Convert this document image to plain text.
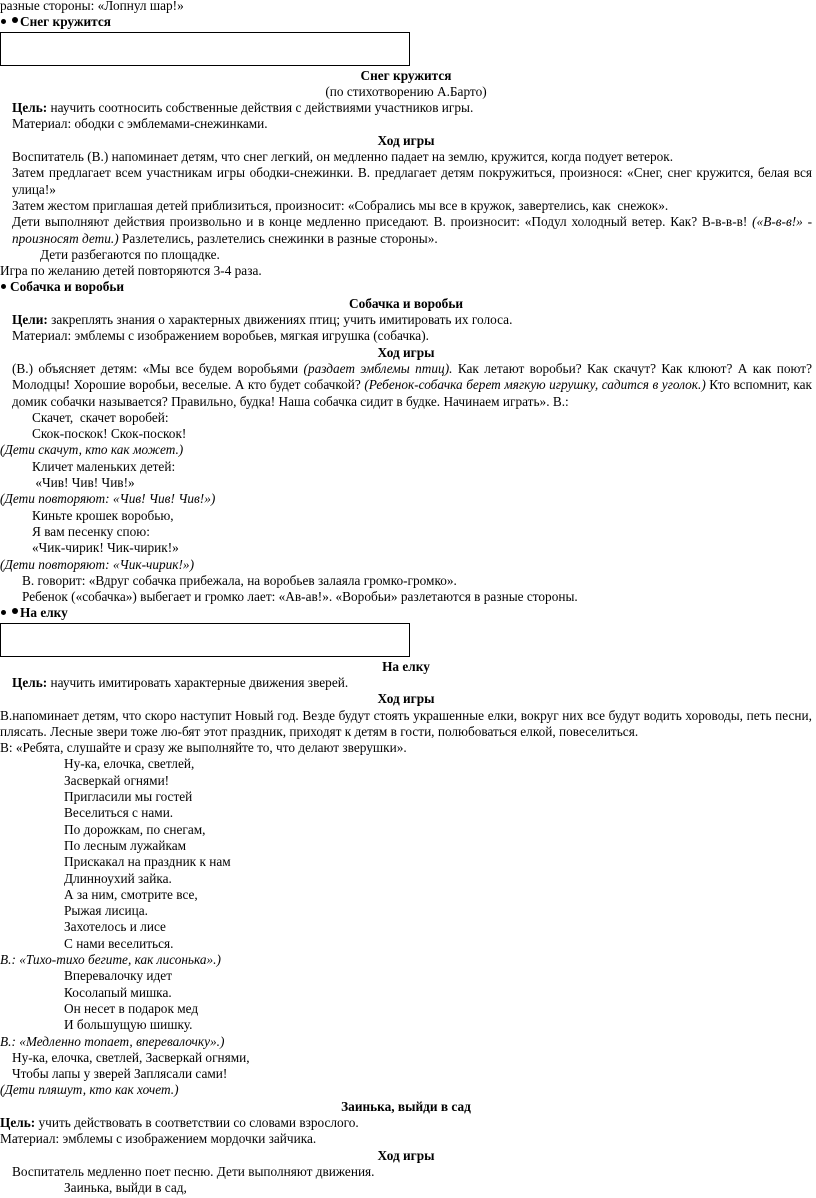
разные стороны: «Лопнул шар!»
Снег кружится
Снег кружится
(по стихотворению А.Барто)
Цель: научить соотносить собственные действия с действиями участников игры.
Материал: ободки с эмблемами-снежинками.
Ход игры
Воспитатель (В.) напоминает детям, что снег легкий, он медленно падает на землю, кружится, когда подует ветерок.
Затем предлагает всем участникам игры ободки-снежинки. В. предлагает детям покружиться, произнося: «Снег, снег кружится, белая вся улица!»
Затем жестом приглашая детей приблизиться, произносит: «Собрались мы все в кружок, завертелись, как  снежок».
Дети выполняют действия произвольно и в конце медленно приседают. В. произносит: «Подул холодный ветер. Как? В-в-в-в! («В-в-в!» - произносят дети.) Разлетелись, разлетелись снежинки в разные стороны».
Дети разбегаются по площадке.
Игра по желанию детей повторяются 3-4 раза.
Собачка и воробьи
Собачка и воробьи
Цели: закреплять знания о характерных движениях птиц; учить имитировать их голоса.
Материал: эмблемы с изображением воробьев, мягкая игрушка (собачка).
Ход игры
(В.) объясняет детям: «Мы все будем воробьями (раздает эмблемы птиц). Как летают воробьи? Как скачут? Как клюют? А как поют? Молодцы! Хорошие воробьи, веселые. А кто будет собачкой? (Ребенок-собачка берет мягкую игрушку, садится в уголок.) Кто вспомнит, как домик собачки называется? Правильно, будка! Наша собачка сидит в будке. Начинаем играть». В.:
Скачет,  скачет воробей:
Скок-поскок! Скок-поскок!
(Дети скачут, кто как может.)
Кличет маленьких детей:
«Чив! Чив! Чив!»
(Дети повторяют: «Чив! Чив! Чив!»)
Киньте крошек воробью,
Я вам песенку спою:
«Чик-чирик! Чик-чирик!»
(Дети повторяют: «Чик-чирик!»)
В. говорит: «Вдруг собачка прибежала, на воробьев залаяла громко-громко».
Ребенок («собачка») выбегает и громко лает: «Ав-ав!». «Воробьи» разлетаются в разные стороны.
На елку
На елку
Цель: научить имитировать характерные движения зверей.
Ход игры
В.напоминает детям, что скоро наступит Новый год. Везде будут стоять украшенные елки, вокруг них все будут водить хороводы, петь песни, плясать. Лесные звери тоже лю-бят этот праздник, приходят к детям в гости, полюбоваться елкой, повеселиться.
В: «Ребята, слушайте и сразу же выполняйте то, что делают зверушки».
Ну-ка, елочка, светлей,
Засверкай огнями!
Пригласили мы гостей
Веселиться с нами.
По дорожкам, по снегам,
По лесным лужайкам
Прискакал на праздник к нам
Длинноухий зайка.
А за ним, смотрите все,
Рыжая лисица.
Захотелось и лисе
С нами веселиться.
В.: «Тихо-тихо бегите, как лисонька».)
Вперевалочку идет
Косолапый мишка.
Он несет в подарок мед
И большущую шишку.
В.: «Медленно топает, вперевалочку».)
Ну-ка, елочка, светлей, Засверкай огнями,
Чтобы лапы у зверей Заплясали сами!
(Дети пляшут, кто как хочет.)
Заинька, выйди в сад
Цель: учить действовать в соответствии со словами взрослого.
Материал: эмблемы с изображением мордочки зайчика.
Ход игры
Воспитатель медленно поет песню. Дети выполняют движения.
Заинька, выйди в сад,
